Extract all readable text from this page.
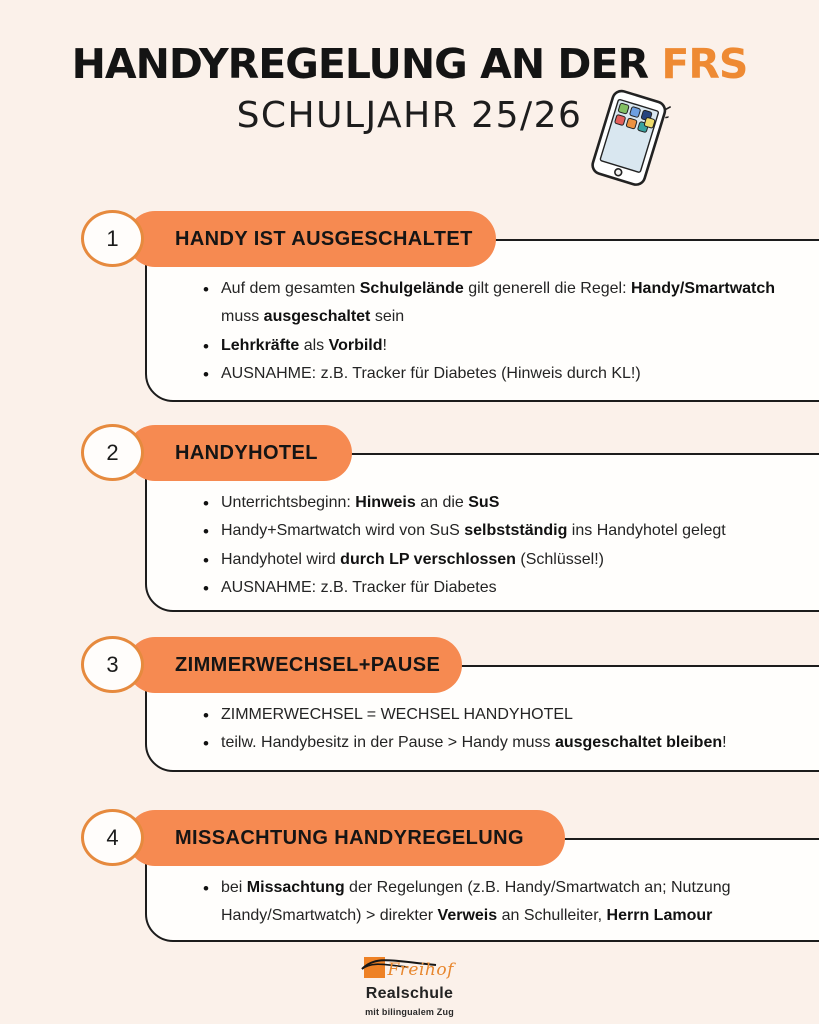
HANDYREGELUNG AN DER FRS
SCHULJAHR 25/26
• Auf dem gesamten Schulgelände gilt generell die Regel: Handy/Smartwatch muss ausgeschaltet sein
• Lehrkräfte als Vorbild!
• AUSNAHME: z.B. Tracker für Diabetes (Hinweis durch KL!)
HANDY IST AUSGESCHALTET
1
• Unterrichtsbeginn: Hinweis an die SuS
• Handy+Smartwatch wird von SuS selbstständig ins Handyhotel gelegt
• Handyhotel wird durch LP verschlossen (Schlüssel!)
• AUSNAHME: z.B. Tracker für Diabetes
HANDYHOTEL
2
• ZIMMERWECHSEL = WECHSEL HANDYHOTEL
• teilw. Handybesitz in der Pause > Handy muss ausgeschaltet bleiben!
ZIMMERWECHSEL+PAUSE
3
• bei Missachtung der Regelungen (z.B. Handy/Smartwatch an; Nutzung Handy/Smartwatch) > direkter Verweis an Schulleiter, Herrn Lamour
MISSACHTUNG HANDYREGELUNG
4
Freihof
Realschule
mit bilingualem Zug
